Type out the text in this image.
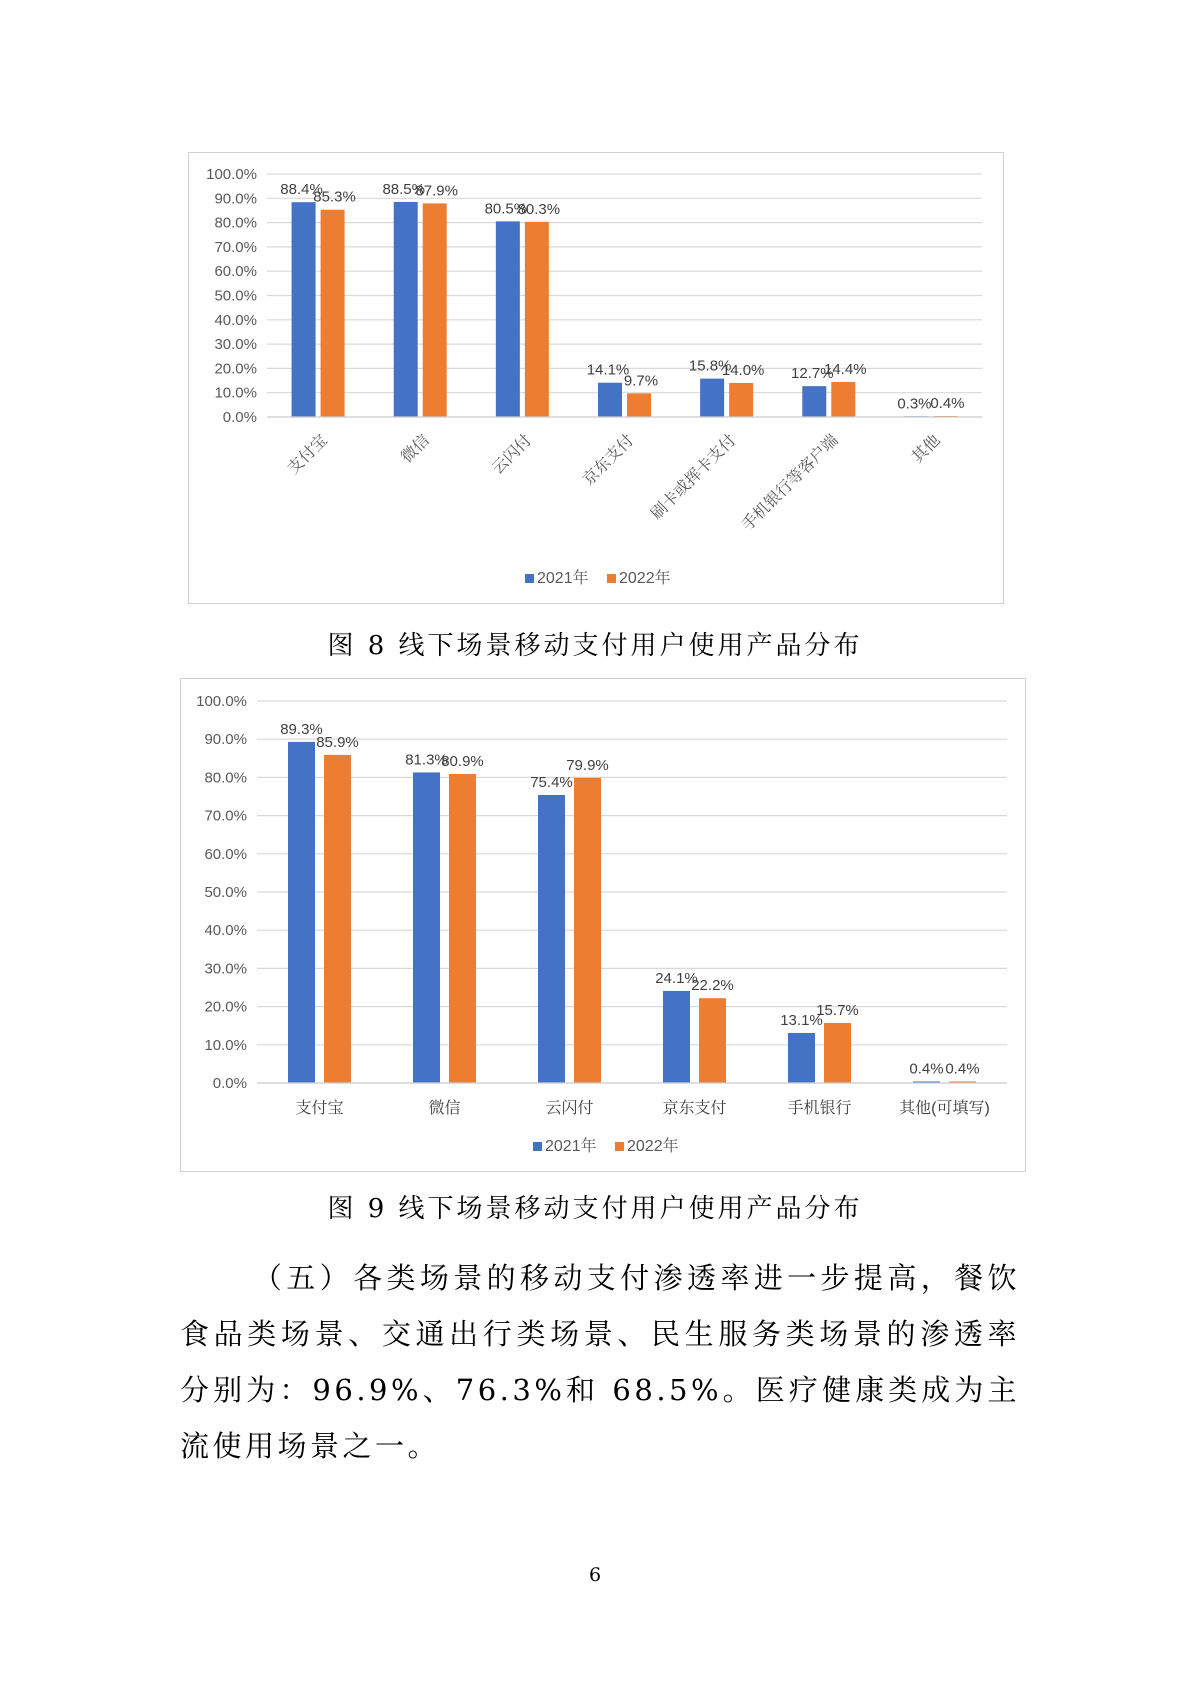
0.0%
10.0%
20.0%
30.0%
40.0%
50.0%
60.0%
70.0%
80.0%
90.0%
100.0%
88.4%
85.3%
支付宝
88.5%
87.9%
微信
80.5%
80.3%
云闪付
14.1%
9.7%
京东支付
15.8%
14.0%
刷卡或挥卡支付
12.7%
14.4%
手机银行等客户端
0.3%
0.4%
其他
2021年 2022年
图 8 线下场景移动支付用户使用产品分布
0.0%
10.0%
20.0%
30.0%
40.0%
50.0%
60.0%
70.0%
80.0%
90.0%
100.0%
89.3%
85.9%
支付宝
81.3%
80.9%
微信
75.4%
79.9%
云闪付
24.1%
22.2%
京东支付
13.1%
15.7%
手机银行
0.4% 0.4%
其他(可填写)
2021年 2022年
图 9 线下场景移动支付用户使用产品分布
（五）各类场景的移动支付渗透率进一步提高，餐饮食品类场景、交通出行类场景、民生服务类场景的渗透率分别为：96.9%、76.3%和 68.5%。医疗健康类成为主流使用场景之一。
6
